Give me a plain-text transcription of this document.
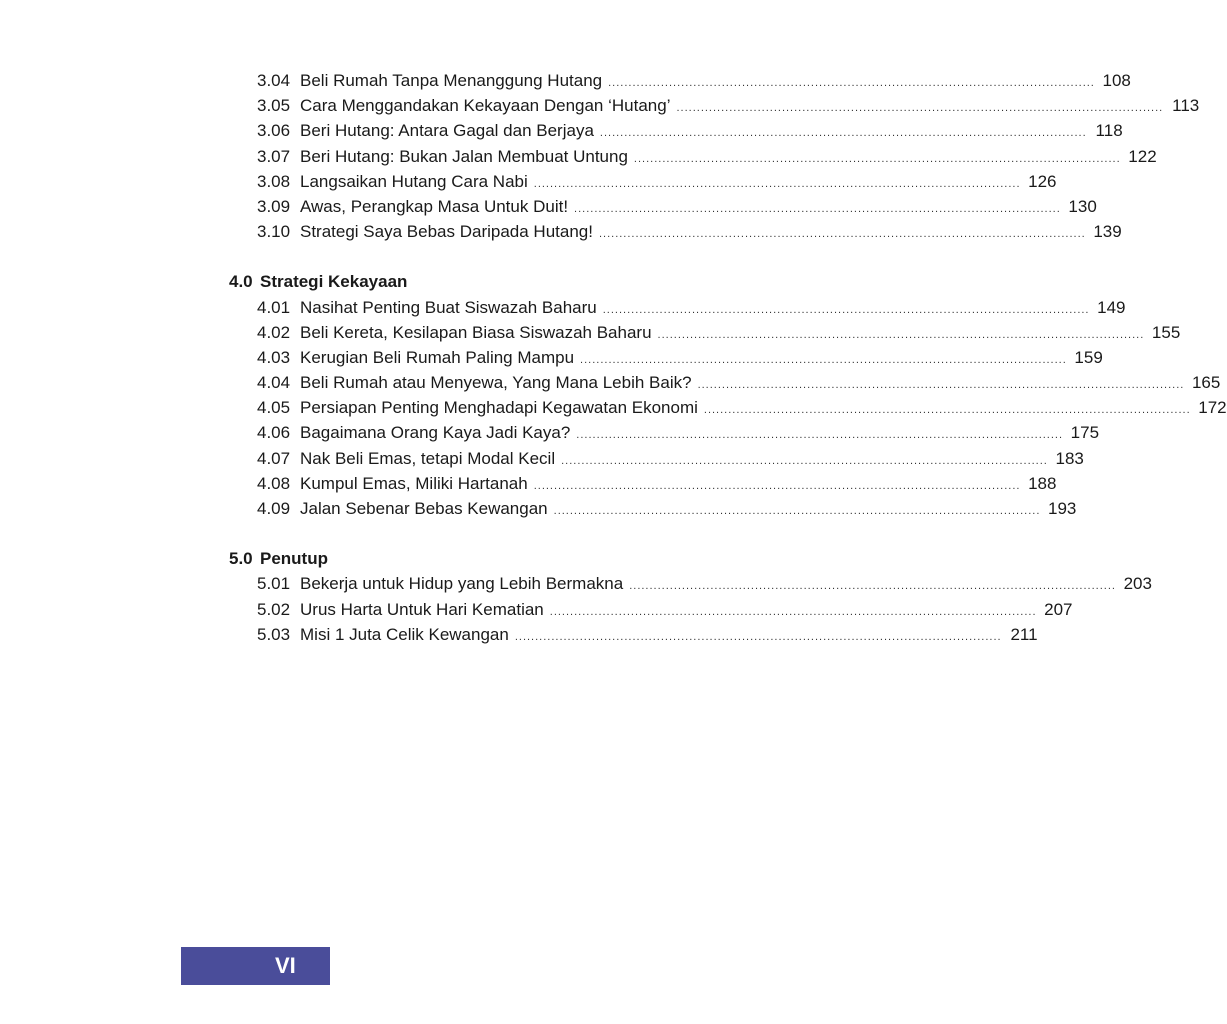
3.04 Beli Rumah Tanpa Menanggung Hutang ........................................................................................................................ 108
3.05 Cara Menggandakan Kekayaan Dengan ‘Hutang’ ........................................................................................................................ 113
3.06 Beri Hutang: Antara Gagal dan Berjaya ........................................................................................................................ 118
3.07 Beri Hutang: Bukan Jalan Membuat Untung ........................................................................................................................ 122
3.08 Langsaikan Hutang Cara Nabi ........................................................................................................................ 126
3.09 Awas, Perangkap Masa Untuk Duit! ........................................................................................................................ 130
3.10 Strategi Saya Bebas Daripada Hutang! ........................................................................................................................ 139
4.0 Strategi Kekayaan
4.01 Nasihat Penting Buat Siswazah Baharu ........................................................................................................................ 149
4.02 Beli Kereta, Kesilapan Biasa Siswazah Baharu ........................................................................................................................ 155
4.03 Kerugian Beli Rumah Paling Mampu ........................................................................................................................ 159
4.04 Beli Rumah atau Menyewa, Yang Mana Lebih Baik? ........................................................................................................................ 165
4.05 Persiapan Penting Menghadapi Kegawatan Ekonomi ........................................................................................................................ 172
4.06 Bagaimana Orang Kaya Jadi Kaya? ........................................................................................................................ 175
4.07 Nak Beli Emas, tetapi Modal Kecil ........................................................................................................................ 183
4.08 Kumpul Emas, Miliki Hartanah ........................................................................................................................ 188
4.09 Jalan Sebenar Bebas Kewangan ........................................................................................................................ 193
5.0 Penutup
5.01 Bekerja untuk Hidup yang Lebih Bermakna ........................................................................................................................ 203
5.02 Urus Harta Untuk Hari Kematian ........................................................................................................................ 207
5.03 Misi 1 Juta Celik Kewangan ........................................................................................................................ 211
VI
